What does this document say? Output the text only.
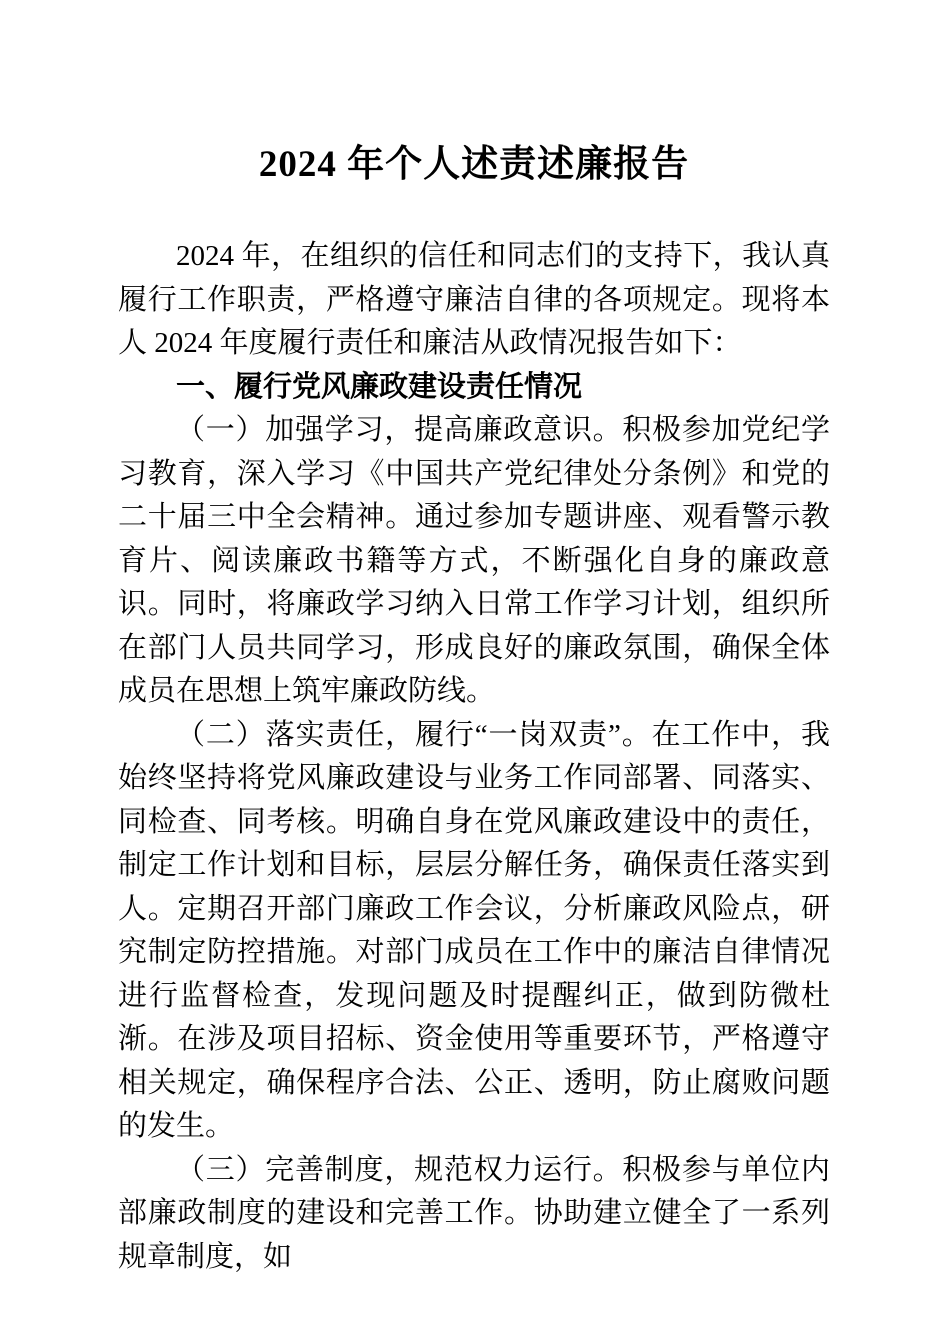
2024 年个人述责述廉报告

2024 年，在组织的信任和同志们的支持下，我认真履行工作职责，严格遵守廉洁自律的各项规定。现将本人 2024 年度履行责任和廉洁从政情况报告如下：

一、履行党风廉政建设责任情况

（一）加强学习，提高廉政意识。积极参加党纪学习教育，深入学习《中国共产党纪律处分条例》和党的二十届三中全会精神。通过参加专题讲座、观看警示教育片、阅读廉政书籍等方式，不断强化自身的廉政意识。同时，将廉政学习纳入日常工作学习计划，组织所在部门人员共同学习，形成良好的廉政氛围，确保全体成员在思想上筑牢廉政防线。

（二）落实责任，履行“一岗双责”。在工作中，我始终坚持将党风廉政建设与业务工作同部署、同落实、同检查、同考核。明确自身在党风廉政建设中的责任，制定工作计划和目标，层层分解任务，确保责任落实到人。定期召开部门廉政工作会议，分析廉政风险点，研究制定防控措施。对部门成员在工作中的廉洁自律情况进行监督检查，发现问题及时提醒纠正，做到防微杜渐。在涉及项目招标、资金使用等重要环节，严格遵守相关规定，确保程序合法、公正、透明，防止腐败问题的发生。

（三）完善制度，规范权力运行。积极参与单位内部廉政制度的建设和完善工作。协助建立健全了一系列规章制度，如
